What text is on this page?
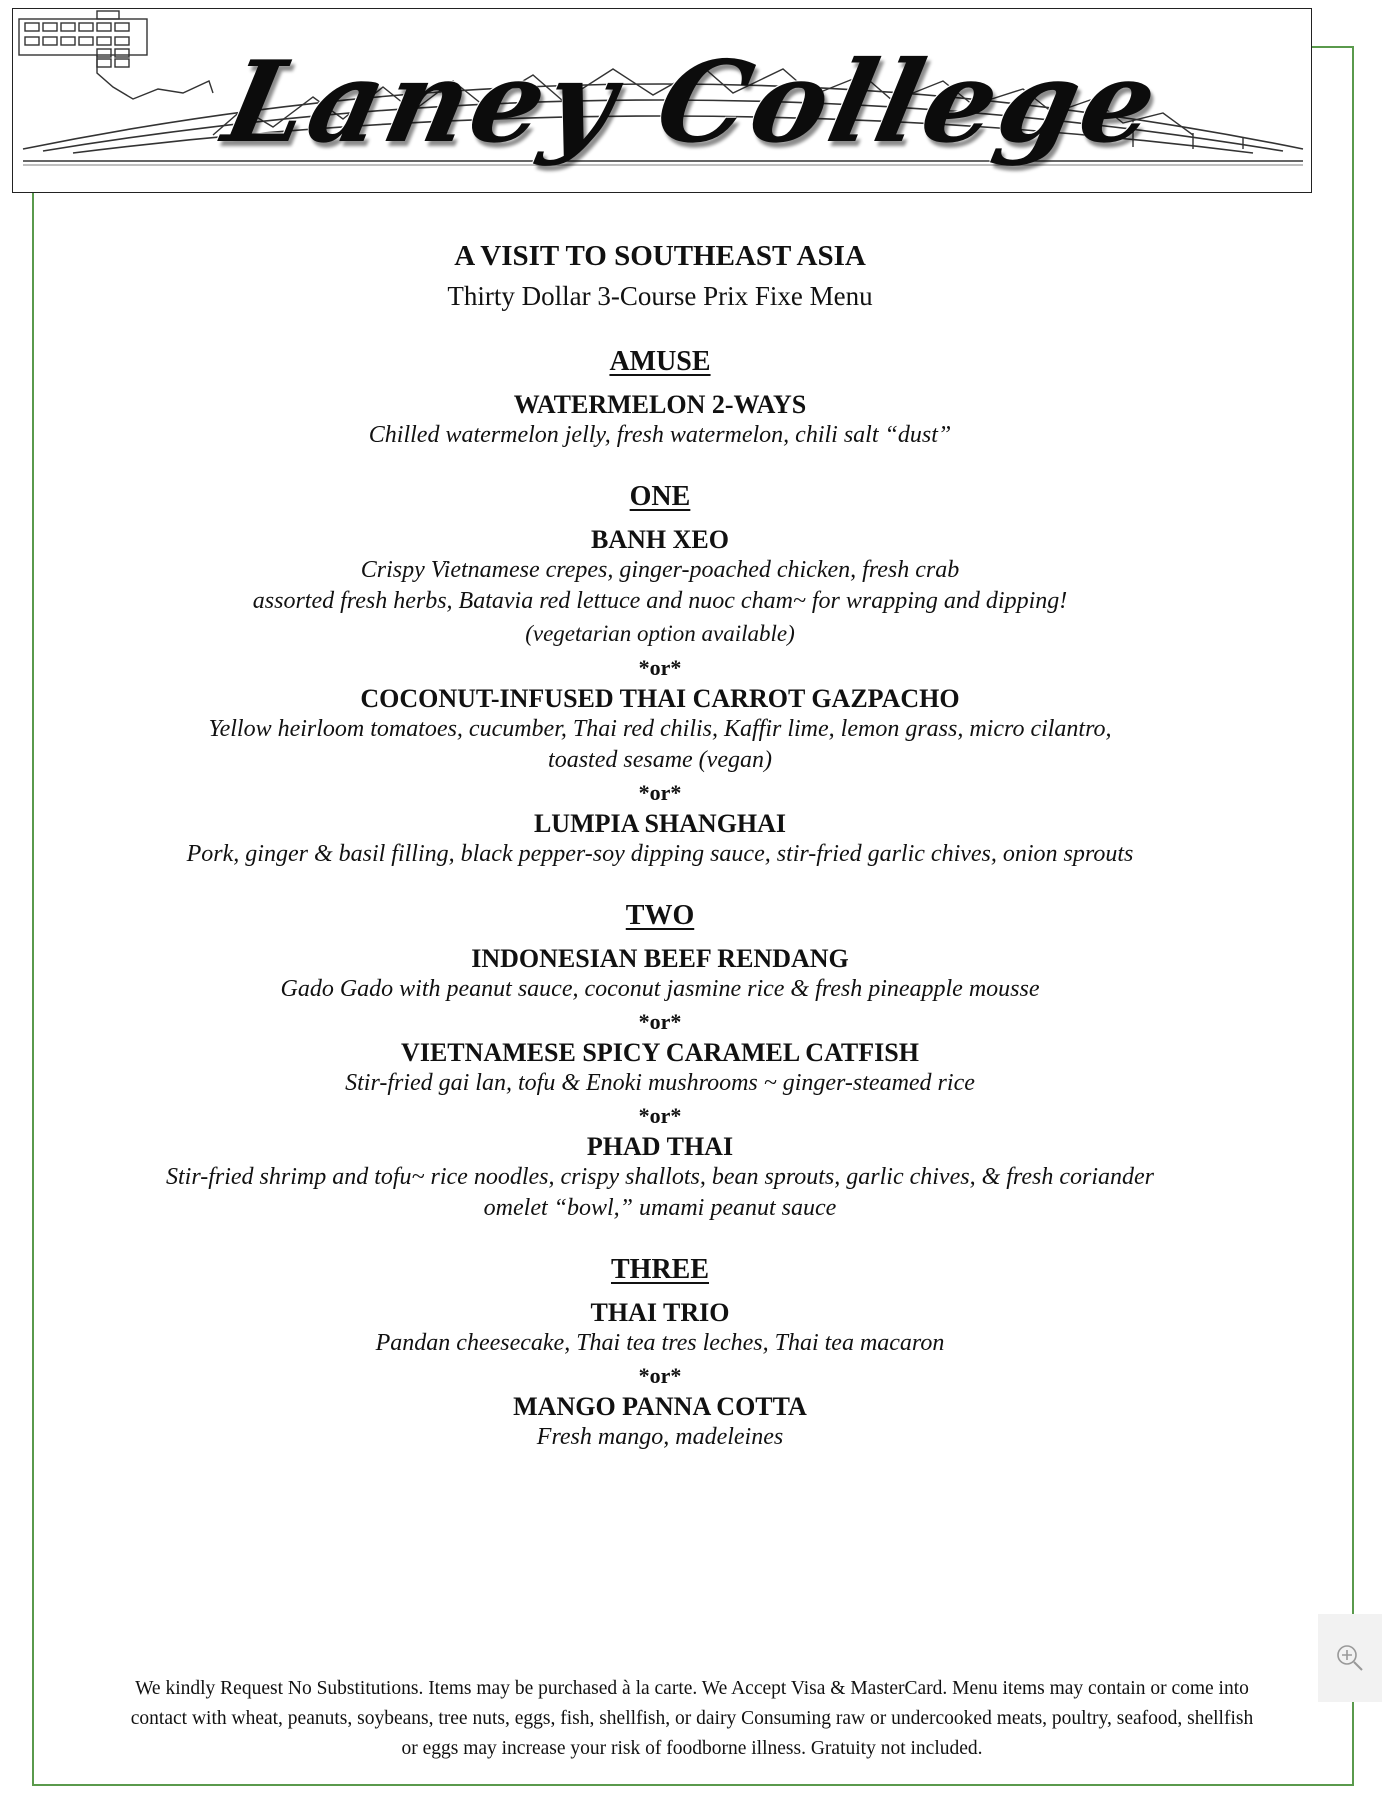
Laney College

A VISIT TO SOUTHEAST ASIA

Thirty Dollar 3-Course Prix Fixe Menu

AMUSE

WATERMELON 2-WAYS

Chilled watermelon jelly, fresh watermelon, chili salt “dust”

ONE

BANH XEO

Crispy Vietnamese crepes, ginger-poached chicken, fresh crab

assorted fresh herbs, Batavia red lettuce and nuoc cham~ for wrapping and dipping!

(vegetarian option available)

*or*

COCONUT-INFUSED THAI CARROT GAZPACHO

Yellow heirloom tomatoes, cucumber, Thai red chilis, Kaffir lime, lemon grass, micro cilantro,

toasted sesame (vegan)

*or*

LUMPIA SHANGHAI

Pork, ginger & basil filling, black pepper-soy dipping sauce, stir-fried garlic chives, onion sprouts

TWO

INDONESIAN BEEF RENDANG

Gado Gado with peanut sauce, coconut jasmine rice & fresh pineapple mousse

*or*

VIETNAMESE SPICY CARAMEL CATFISH

Stir-fried gai lan, tofu & Enoki mushrooms ~ ginger-steamed rice

*or*

PHAD THAI

Stir-fried shrimp and tofu~ rice noodles, crispy shallots, bean sprouts, garlic chives, & fresh coriander

omelet “bowl,” umami peanut sauce

THREE

THAI TRIO

Pandan cheesecake, Thai tea tres leches, Thai tea macaron

*or*

MANGO PANNA COTTA

Fresh mango, madeleines

We kindly Request No Substitutions. Items may be purchased à la carte. We Accept Visa & MasterCard. Menu items may contain or come into
contact with wheat, peanuts, soybeans, tree nuts, eggs, fish, shellfish, or dairy Consuming raw or undercooked meats, poultry, seafood, shellfish
or eggs may increase your risk of foodborne illness. Gratuity not included.
